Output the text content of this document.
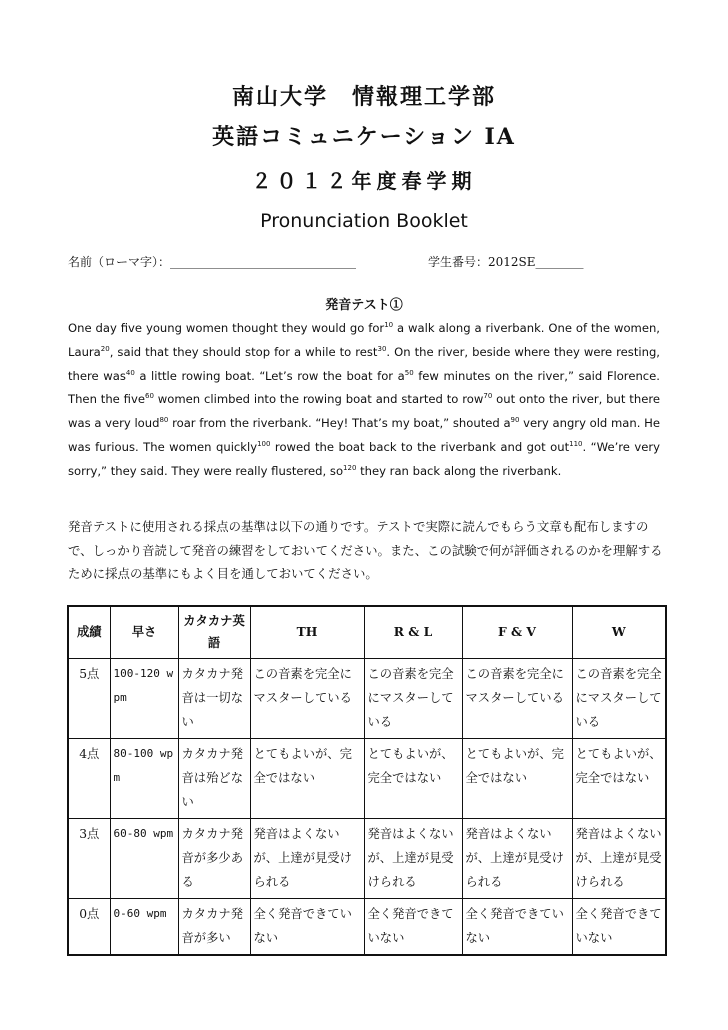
南山大学　情報理工学部
英語コミュニケーション IA
２０１２年度春学期
Pronunciation Booklet
名前（ローマ字）：_______________________________	学生番号：2012SE________
発音テスト①

One day five young women thought they would go for$^{10}$ a walk along a riverbank. One of the women, Laura$^{20}$, said that they should stop for a while to rest$^{30}$. On the river, beside where they were resting, there was$^{40}$ a little rowing boat. “Let’s row the boat for $a^{50}$ few minutes on the river,” said Florence. Then the five$^{60}$ women climbed into the rowing boat and started to row$^{70}$ out onto the river, but there was a very loud$^{80}$ roar from the riverbank. “Hey! That’s my boat,” shouted $a^{90}$ very angry old man. He was furious. The women quickly$^{100}$ rowed the boat back to the riverbank and got out$^{110}$. “We’re very sorry,” they said. They were really flustered, $so^{120}$ they ran back along the riverbank.

発音テストに使用される採点の基準は以下の通りです。テストで実際に読んでもらう文章も配布しますので、しっかり音読して発音の練習をしておいてください。また、この試験で何が評価されるのかを理解するために採点の基準にもよく目を通しておいてください。

成績	早さ	カタカナ英語	TH	R & L	F & V	W
5点	100-120 wpm	カタカナ発音は一切ない	この音素を完全にマスターしている	この音素を完全にマスターしている	この音素を完全にマスターしている	この音素を完全にマスターしている
4点	80-100 wpm	カタカナ発音は殆どない	とてもよいが、完全ではない	とてもよいが、完全ではない	とてもよいが、完全ではない	とてもよいが、完全ではない
3点	60-80 wpm	カタカナ発音が多少ある	発音はよくないが、上達が見受けられる	発音はよくないが、上達が見受けられる	発音はよくないが、上達が見受けられる	発音はよくないが、上達が見受けられる
0点	0-60 wpm	カタカナ発音が多い	全く発音できていない	全く発音できていない	全く発音できていない	全く発音できていない
